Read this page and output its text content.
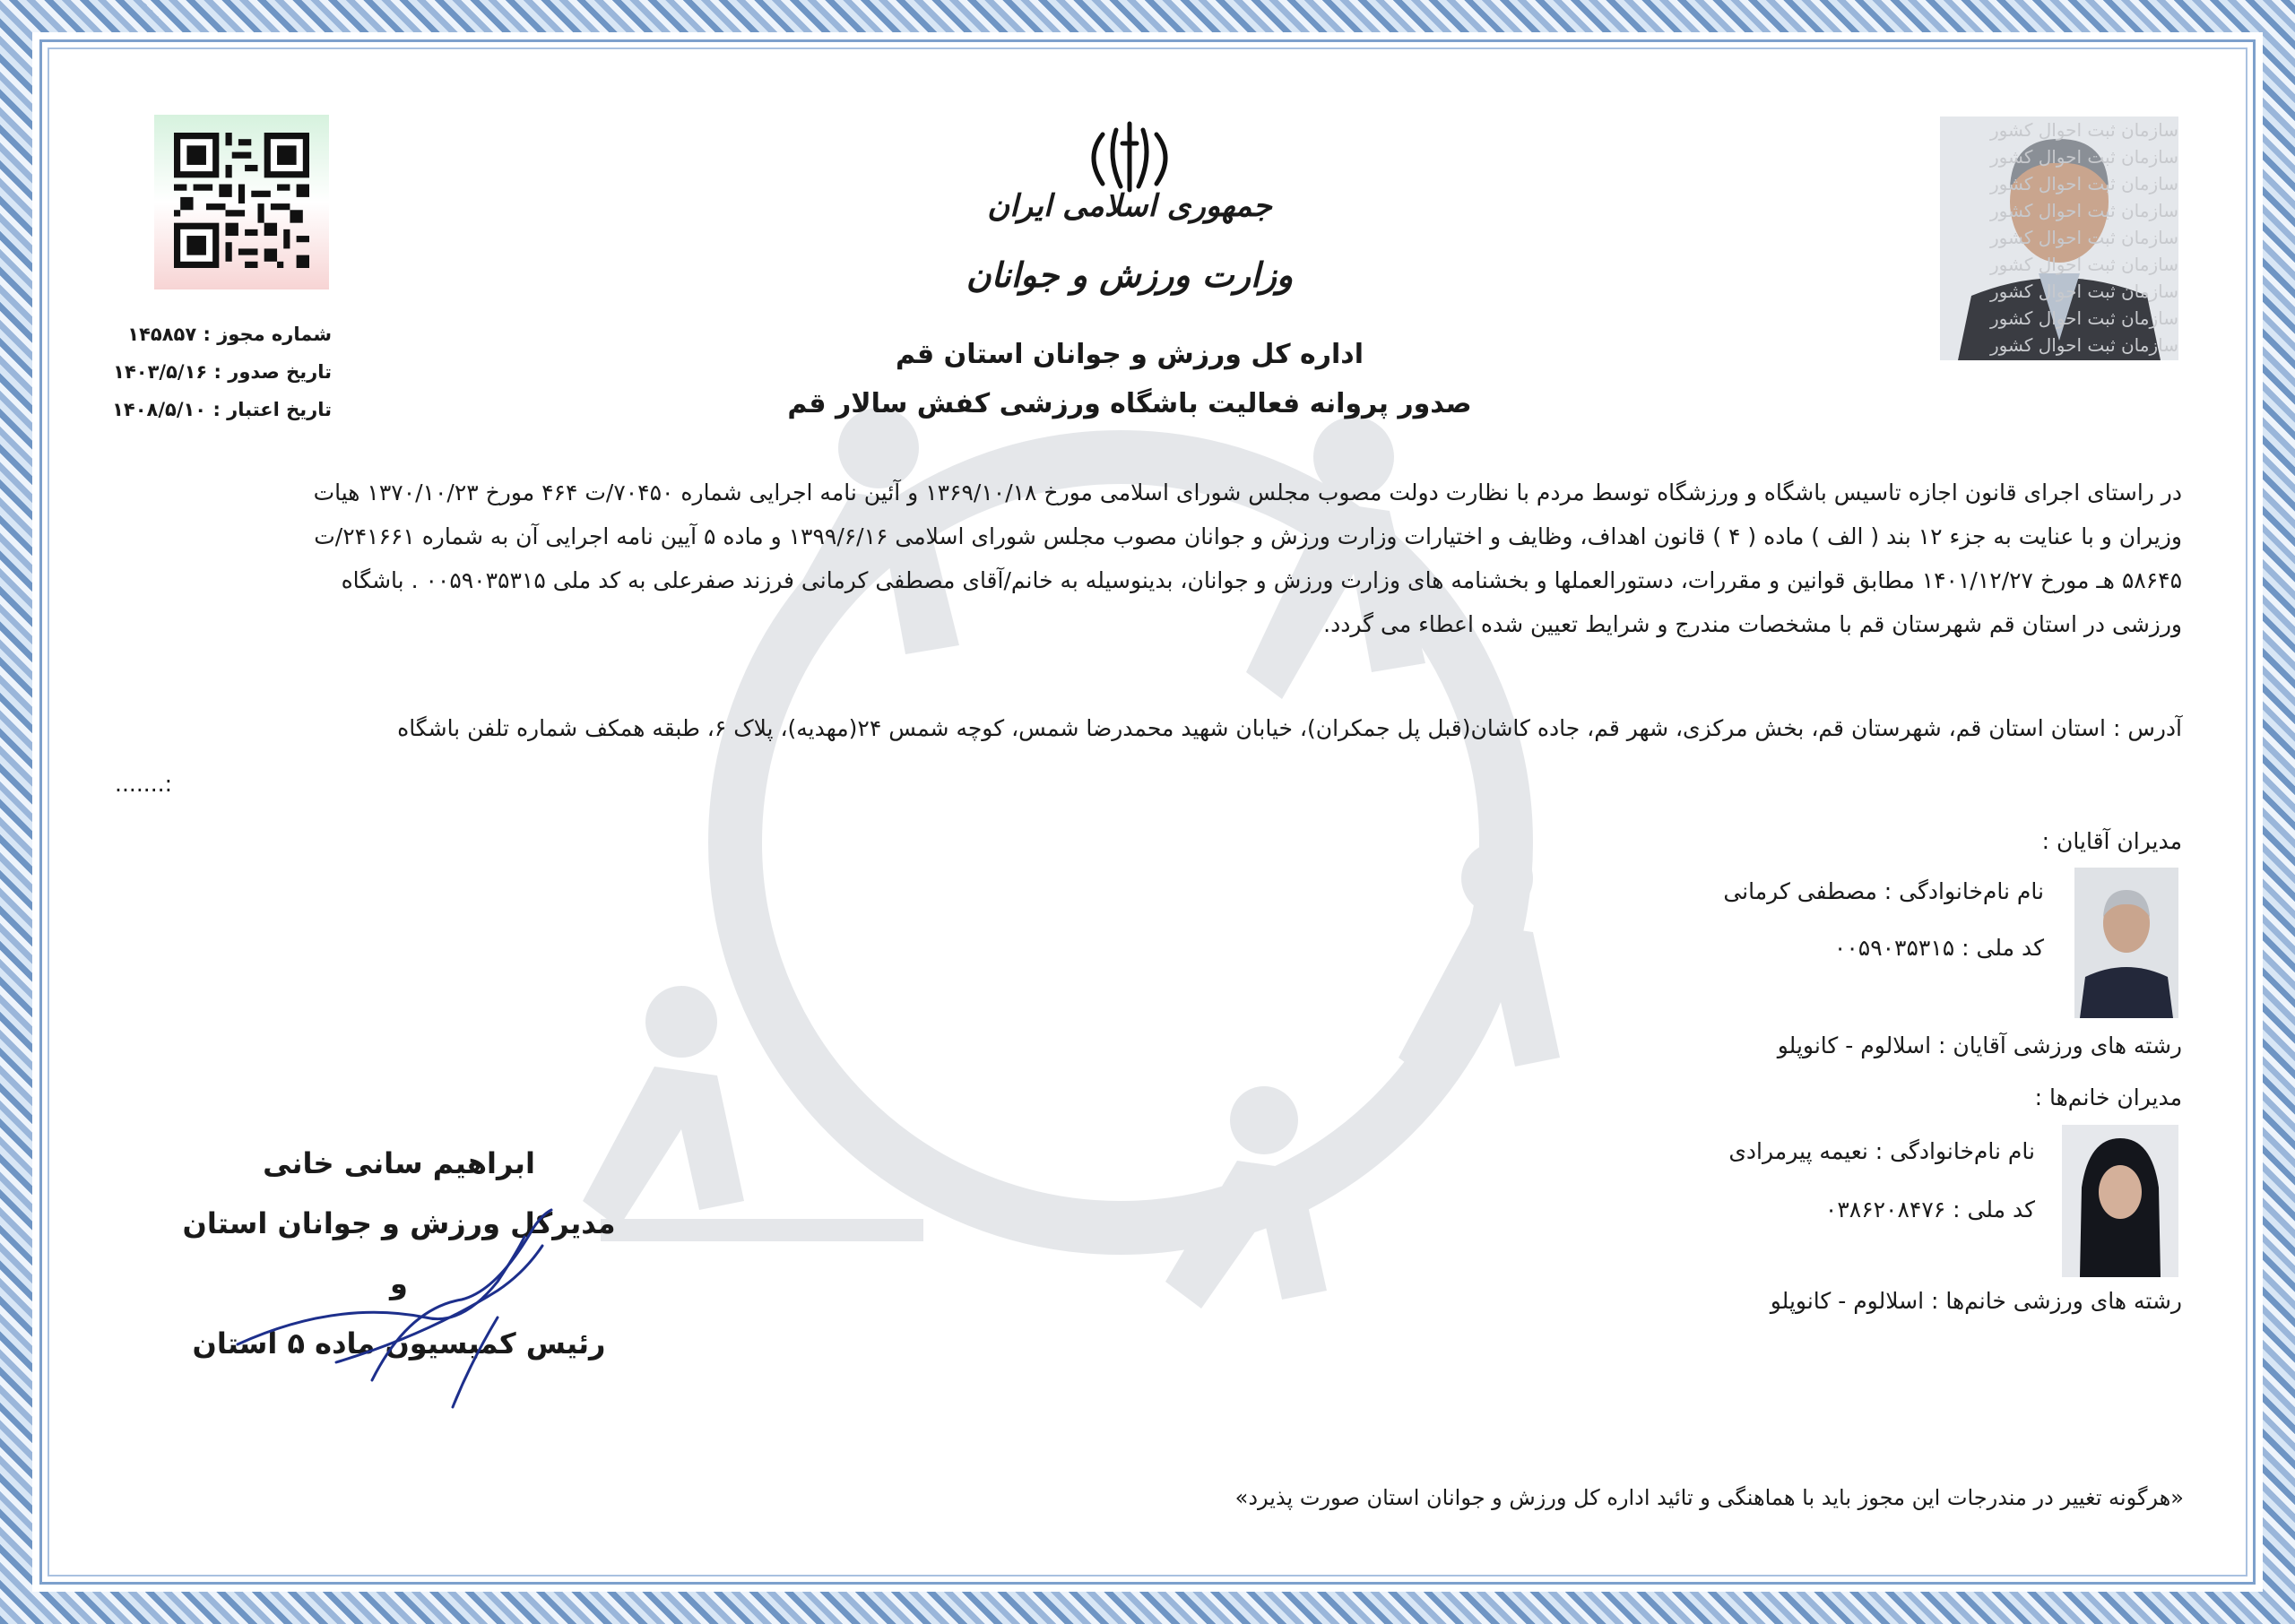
شماره مجوز : ۱۴۵۸۵۷
تاریخ صدور : ۱۴۰۳/۵/۱۶
تاریخ اعتبار : ۱۴۰۸/۵/۱۰
جمهوری اسلامی ایران
وزارت ورزش و جوانان
اداره کل ورزش و جوانان استان قم
صدور پروانه فعالیت باشگاه ورزشی کفش سالار قم
سازمان ثبت احوال کشور
سازمان ثبت احوال کشور
سازمان ثبت احوال کشور
سازمان ثبت احوال کشور
سازمان ثبت احوال کشور
سازمان ثبت احوال کشور
سازمان ثبت احوال کشور
سازمان ثبت احوال کشور
سازمان ثبت احوال کشور
در راستای اجرای قانون اجازه تاسیس باشگاه و ورزشگاه توسط مردم با نظارت دولت مصوب مجلس شورای اسلامی مورخ ۱۳۶۹/۱۰/۱۸ و آئین نامه اجرایی شماره ۷۰۴۵۰/ت ۴۶۴ مورخ ۱۳۷۰/۱۰/۲۳ هیات
وزیران و با عنایت به جزء ۱۲ بند ( الف ) ماده ( ۴ ) قانون اهداف، وظایف و اختیارات وزارت ورزش و جوانان مصوب مجلس شورای اسلامی ۱۳۹۹/۶/۱۶ و ماده ۵ آیین نامه اجرایی آن به شماره ۲۴۱۶۶۱/ت
۵۸۶۴۵ هـ مورخ ۱۴۰۱/۱۲/۲۷ مطابق قوانین و مقررات، دستورالعملها و بخشنامه های وزارت ورزش و جوانان، بدینوسیله به خانم/آقای مصطفی کرمانی فرزند صفرعلی به کد ملی ۰۰۵۹۰۳۵۳۱۵ . باشگاه
ورزشی در استان قم شهرستان قم با مشخصات مندرج و شرایط تعیین شده اعطاء می گردد.
آدرس : استان استان قم، شهرستان قم، بخش مرکزی، شهر قم، جاده کاشان(قبل پل جمکران)، خیابان شهید محمدرضا شمس، کوچه شمس ۲۴(مهدیه)، پلاک ۶، طبقه همکف شماره تلفن باشگاه
.......:
مدیران آقایان :
نام نام‌خانوادگی : مصطفی کرمانی
کد ملی : ۰۰۵۹۰۳۵۳۱۵
رشته های ورزشی آقایان : اسلالوم - کانوپلو
مدیران خانم‌ها :
نام نام‌خانوادگی : نعیمه پیرمرادی
کد ملی : ۰۳۸۶۲۰۸۴۷۶
رشته های ورزشی خانم‌ها : اسلالوم - کانوپلو
ابراهیم سانی خانی
مدیرکل ورزش و جوانان استان و
رئیس کمیسیون ماده ۵ استان
«هرگونه تغییر در مندرجات این مجوز باید با هماهنگی و تائید اداره کل ورزش و جوانان استان صورت پذیرد»
